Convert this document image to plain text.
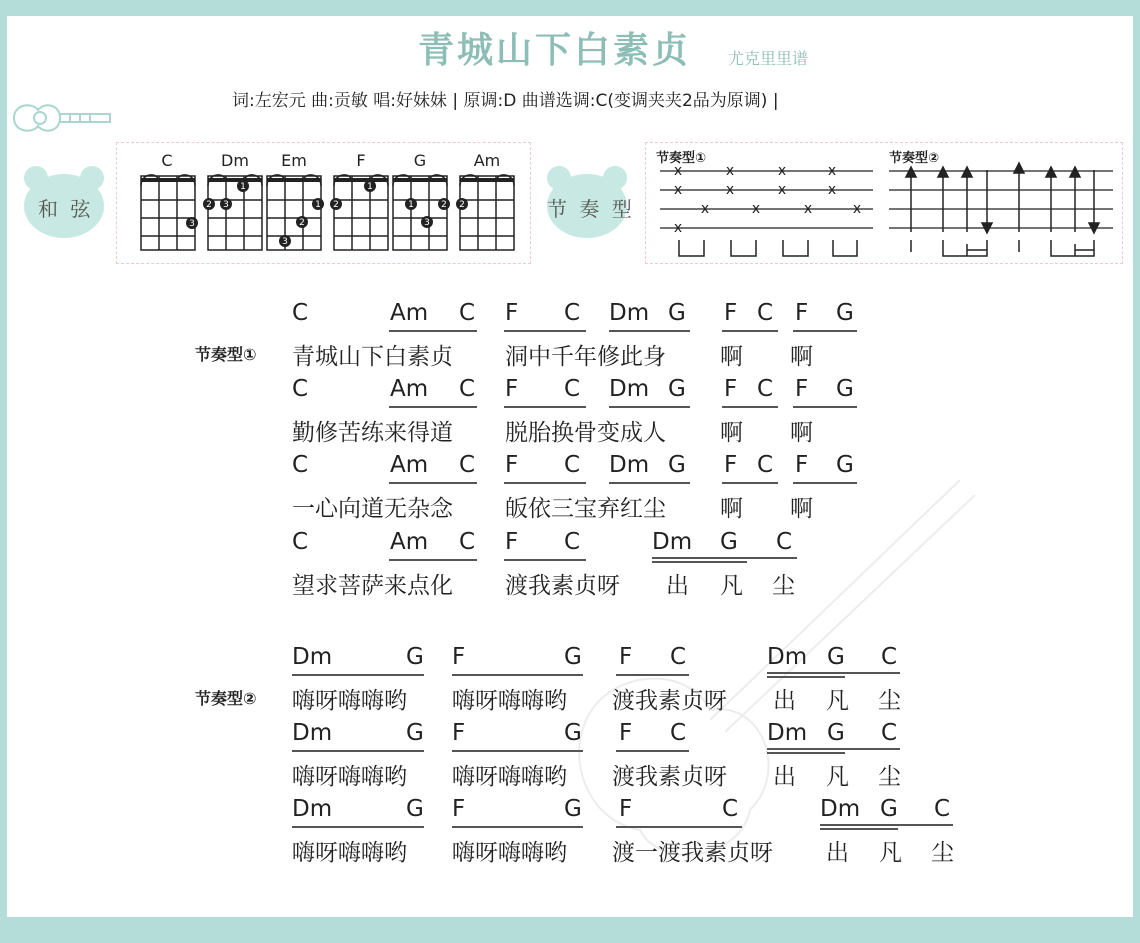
青城山下白素贞 尤克里里谱
词:左宏元 曲:贡敏 唱:好妹妹 | 原调:D 曲谱选调:C(变调夹夹2品为原调) |
和 弦
C	Dm	Em	F	G	Am
3
1
2 3	1
2
3
1
2	1	2
3
2	节 奏 型
节奏型①	节奏型②
x
x
x
x
x
x
x
x
x
x
x
x
x
节奏型①
C	Am C F C Dm G F C F G
青城山下白素贞 洞中千年修此身 啊 啊
C	Am C F C Dm G F C F G
勤修苦练来得道 脱胎换骨变成人 啊 啊
C	Am C F C Dm G F C F G
一心向道无杂念 皈依三宝弃红尘 啊 啊
C	Am C F C	Dm G C
望求菩萨来点化 渡我素贞呀 出 凡 尘
节奏型②
Dm	G F	G F C	Dm G C
嗨呀嗨嗨哟 嗨呀嗨嗨哟 渡我素贞呀 出 凡 尘
Dm	G F	G F C	Dm G C
嗨呀嗨嗨哟 嗨呀嗨嗨哟 渡我素贞呀 出 凡 尘
Dm	G F	G F	C	Dm G C
嗨呀嗨嗨哟 嗨呀嗨嗨哟 渡一渡我素贞呀 出 凡 尘
